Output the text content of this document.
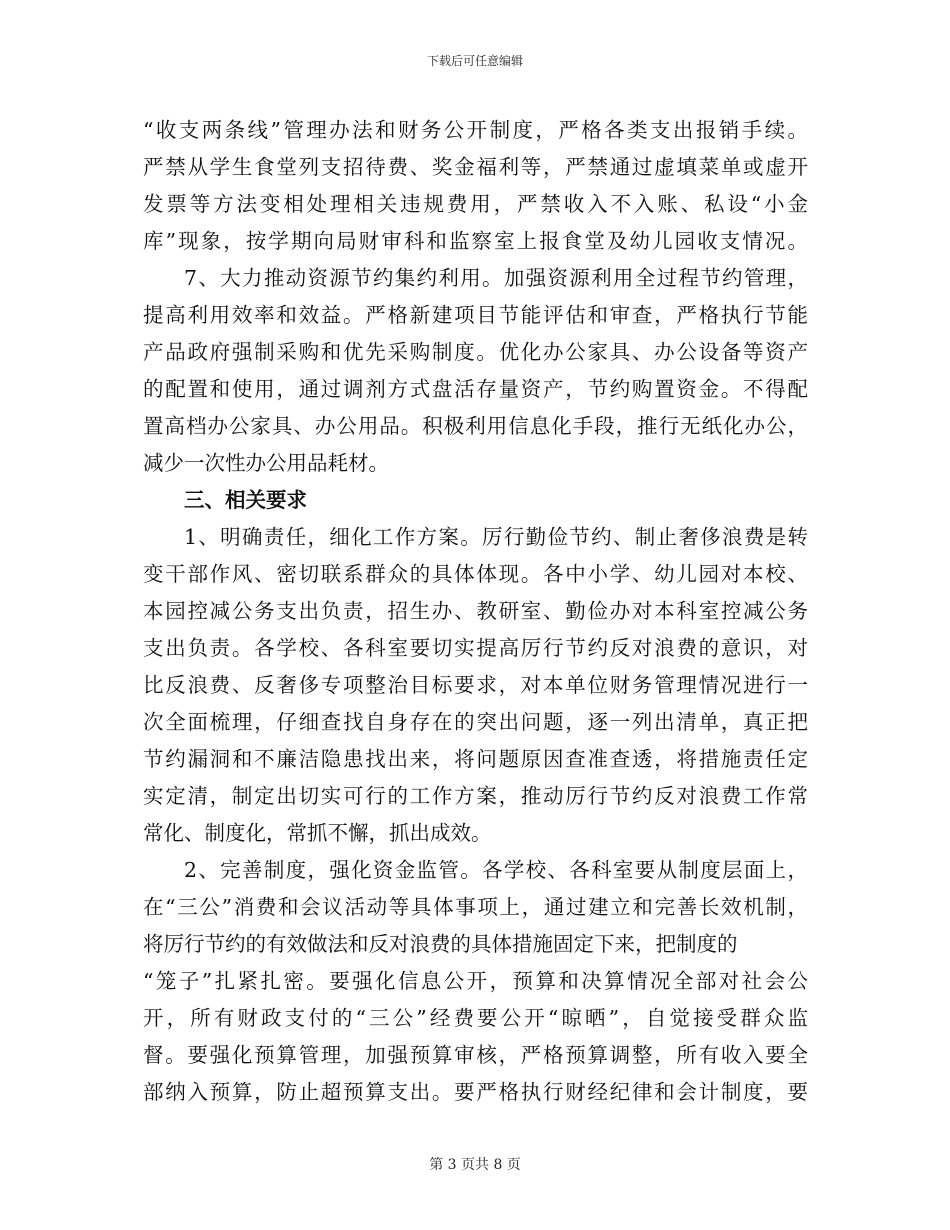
下载后可任意编辑
“收支两条线”管理办法和财务公开制度，严格各类支出报销手续。
严禁从学生食堂列支招待费、奖金福利等，严禁通过虚填菜单或虚开
发票等方法变相处理相关违规费用，严禁收入不入账、私设“小金
库”现象，按学期向局财审科和监察室上报食堂及幼儿园收支情况。
7、大力推动资源节约集约利用。加强资源利用全过程节约管理，
提高利用效率和效益。严格新建项目节能评估和审查，严格执行节能
产品政府强制采购和优先采购制度。优化办公家具、办公设备等资产
的配置和使用，通过调剂方式盘活存量资产，节约购置资金。不得配
置高档办公家具、办公用品。积极利用信息化手段，推行无纸化办公，
减少一次性办公用品耗材。
三、相关要求
1、明确责任，细化工作方案。厉行勤俭节约、制止奢侈浪费是转
变干部作风、密切联系群众的具体体现。各中小学、幼儿园对本校、
本园控减公务支出负责，招生办、教研室、勤俭办对本科室控减公务
支出负责。各学校、各科室要切实提高厉行节约反对浪费的意识，对
比反浪费、反奢侈专项整治目标要求，对本单位财务管理情况进行一
次全面梳理，仔细查找自身存在的突出问题，逐一列出清单，真正把
节约漏洞和不廉洁隐患找出来，将问题原因查准查透，将措施责任定
实定清，制定出切实可行的工作方案，推动厉行节约反对浪费工作常
常化、制度化，常抓不懈，抓出成效。
2、完善制度，强化资金监管。各学校、各科室要从制度层面上，
在“三公”消费和会议活动等具体事项上，通过建立和完善长效机制，
将厉行节约的有效做法和反对浪费的具体措施固定下来，把制度的
“笼子”扎紧扎密。要强化信息公开，预算和决算情况全部对社会公
开，所有财政支付的“三公”经费要公开“晾晒”，自觉接受群众监
督。要强化预算管理，加强预算审核，严格预算调整，所有收入要全
部纳入预算，防止超预算支出。要严格执行财经纪律和会计制度，要
第 3 页共 8 页
